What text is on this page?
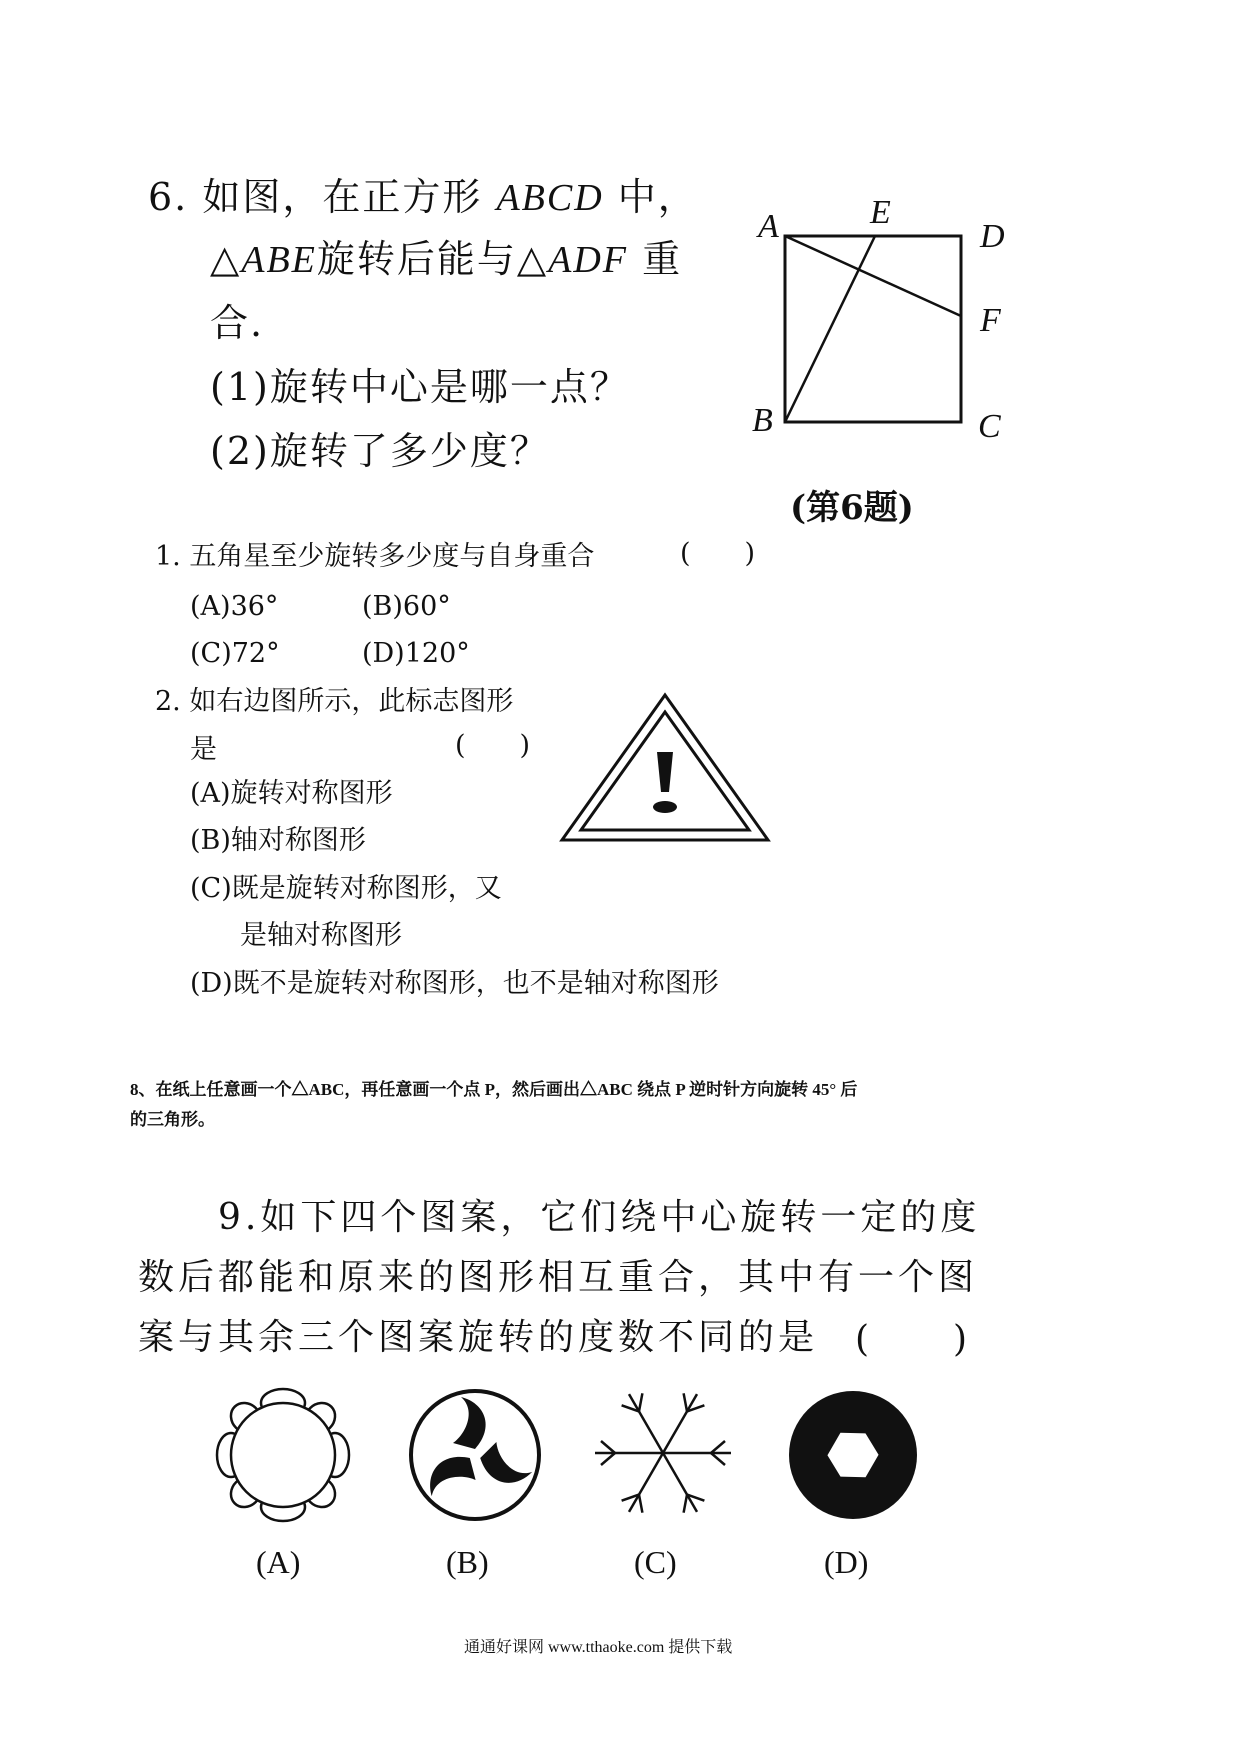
6. 如图，在正方形 ABCD 中，
△ABE旋转后能与△ADF 重
合.
(1)旋转中心是哪一点？
(2)旋转了多少度？
A	E
D
F
B	C
(第6题)
1. 五角星至少旋转多少度与自身重合	(　　)
(A)36°	(B)60°
(C)72°	(D)120°
2. 如右边图所示，此标志图形
是	(　　)
(A)旋转对称图形
(B)轴对称图形
(C)既是旋转对称图形，又
是轴对称图形
(D)既不是旋转对称图形，也不是轴对称图形
8、在纸上任意画一个△ABC，再任意画一个点 P，然后画出△ABC 绕点 P 逆时针方向旋转 45° 后
的三角形。
9.如下四个图案，它们绕中心旋转一定的度
数后都能和原来的图形相互重合，其中有一个图
案与其余三个图案旋转的度数不同的是 (　　)
(A)	(B)	(C)	(D)
通通好课网 www.tthaoke.com 提供下载
